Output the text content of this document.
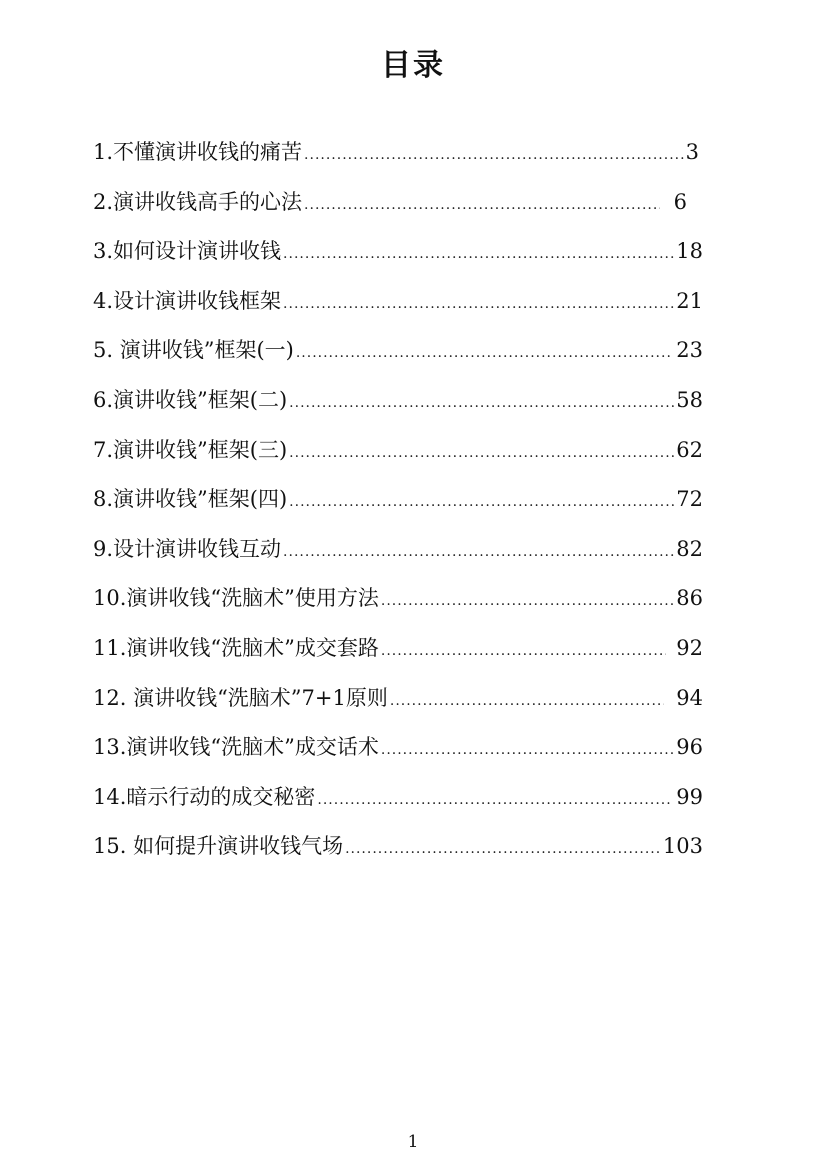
目录
1.不懂演讲收钱的痛苦 .....	3
2.演讲收钱高手的心法 .....	6
3.如何设计演讲收钱 .....	18
4.设计演讲收钱框架 .....	21
5. 演讲收钱”框架(一) .....	23
6.演讲收钱”框架(二) .....	58
7.演讲收钱”框架(三) .....	62
8.演讲收钱”框架(四) .....	72
9.设计演讲收钱互动 .....	82
10.演讲收钱“洗脑术”使用方法 .....	86
11.演讲收钱“洗脑术”成交套路 .....	92
12. 演讲收钱“洗脑术”7+1原则 .....	94
13.演讲收钱“洗脑术”成交话术 .....	96
14.暗示行动的成交秘密 .....	99
15. 如何提升演讲收钱气场 .....	103
1
